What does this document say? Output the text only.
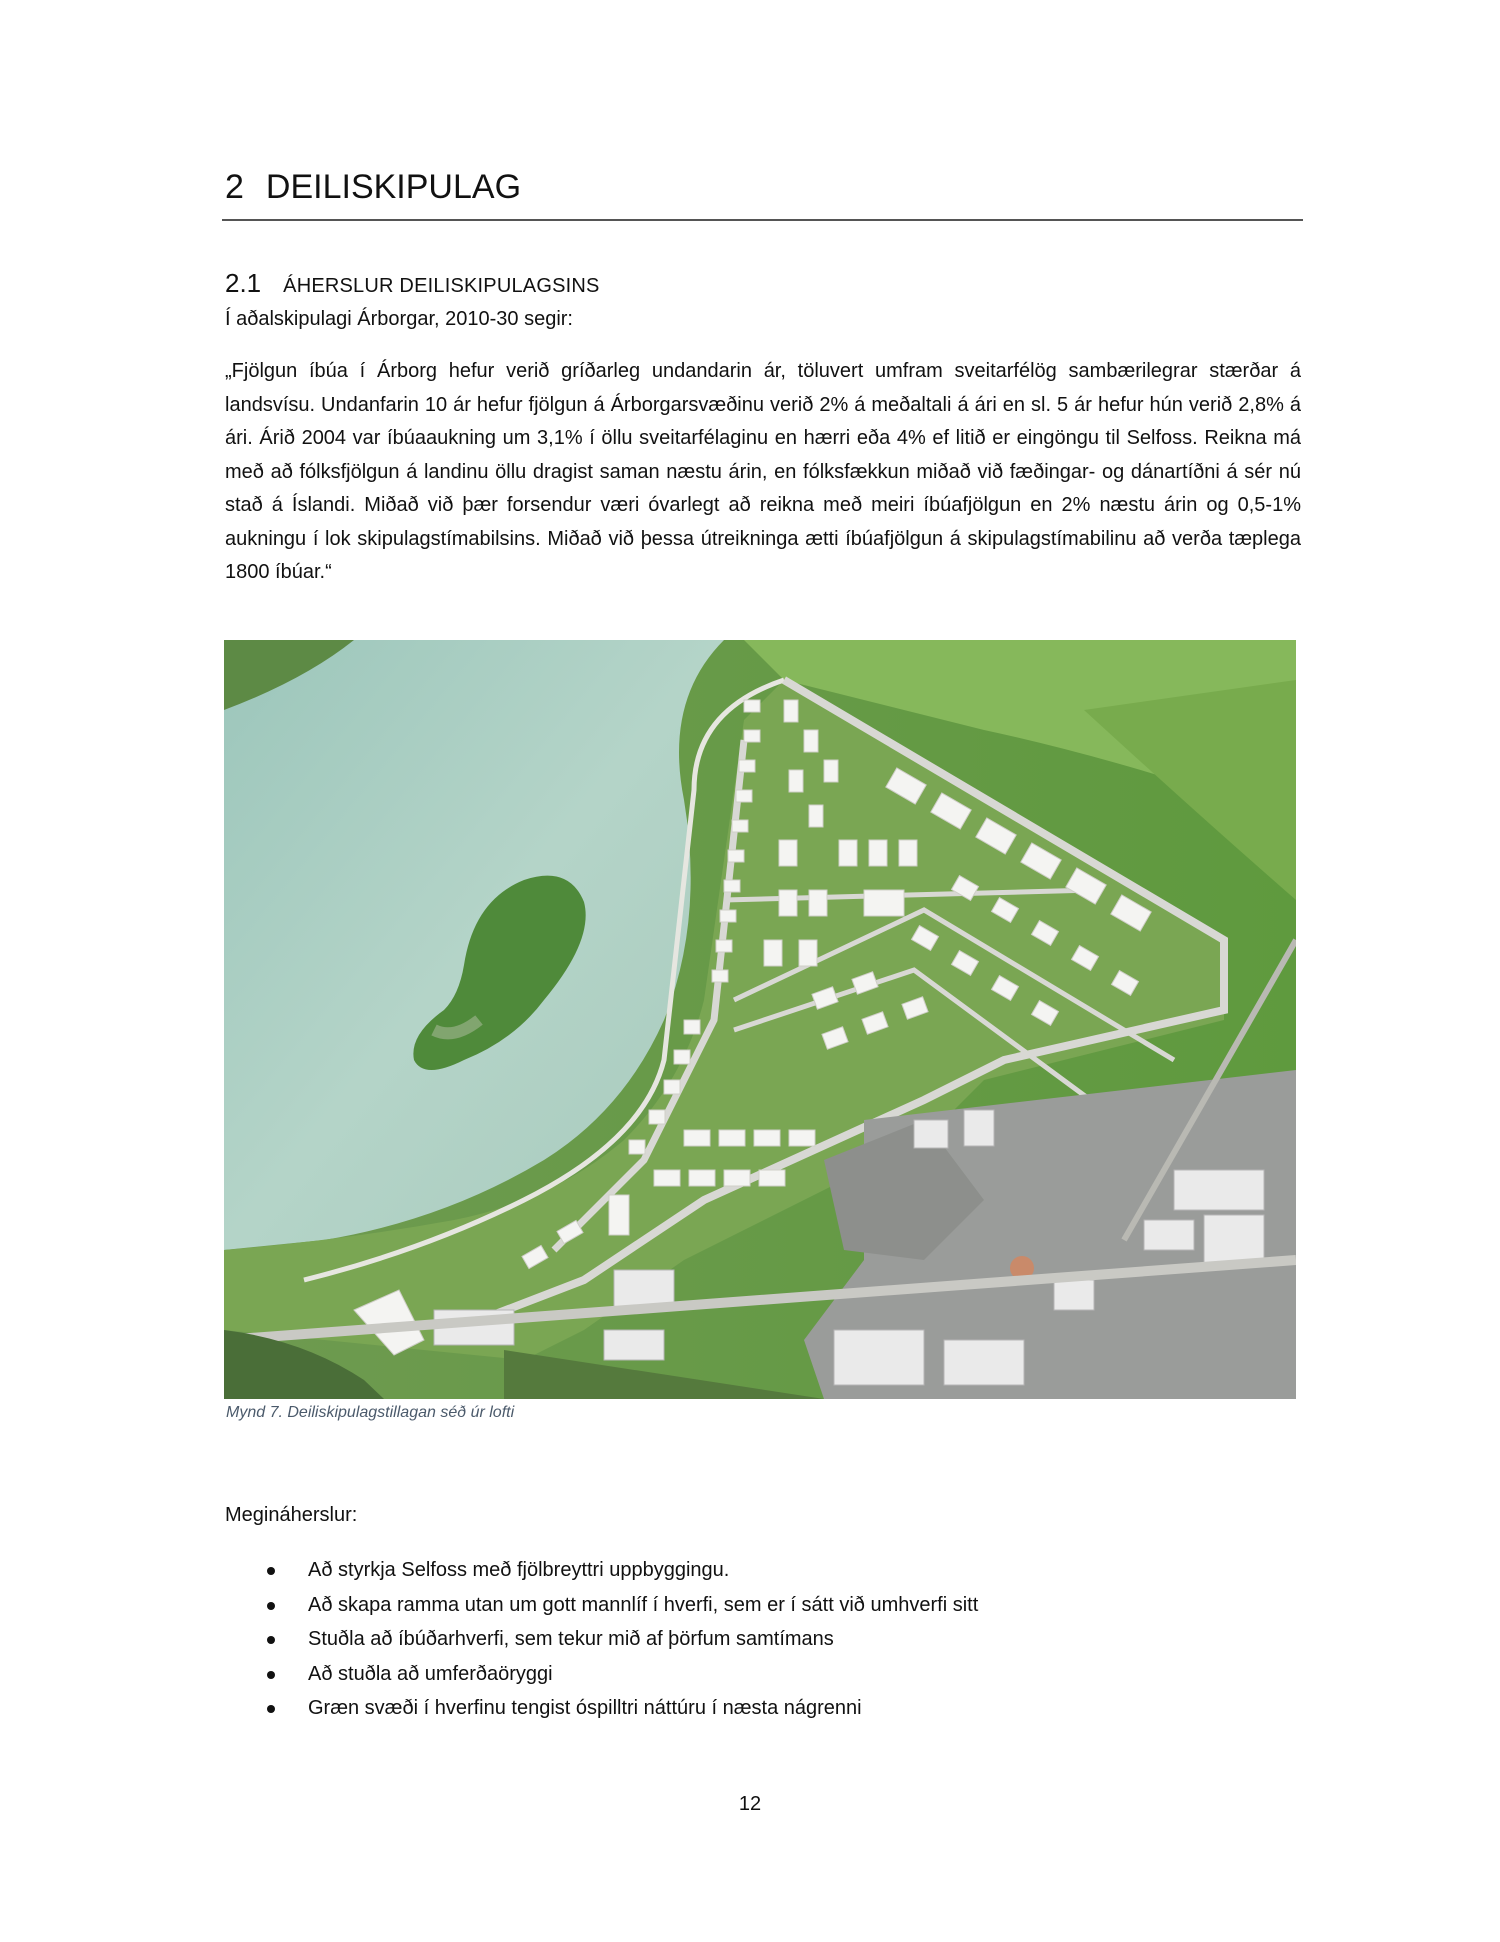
2 DEILISKIPULAG
2.1 ÁHERSLUR DEILISKIPULAGSINS
Í aðalskipulagi Árborgar, 2010-30 segir:
„Fjölgun íbúa í Árborg hefur verið gríðarleg undandarin ár, töluvert umfram sveitarfélög sambærilegrar stærðar á landsvísu. Undanfarin 10 ár hefur fjölgun á Árborgarsvæðinu verið 2% á meðaltali á ári en sl. 5 ár hefur hún verið 2,8% á ári. Árið 2004 var íbúaaukning um 3,1% í öllu sveitarfélaginu en hærri eða 4% ef litið er eingöngu til Selfoss. Reikna má með að fólksfjölgun á landinu öllu dragist saman næstu árin, en fólksfækkun miðað við fæðingar- og dánartíðni á sér nú stað á Íslandi. Miðað við þær forsendur væri óvarlegt að reikna með meiri íbúafjölgun en 2% næstu árin og 0,5-1% aukningu í lok skipulagstímabilsins. Miðað við þessa útreikninga ætti íbúafjölgun á skipulagstímabilinu að verða tæplega 1800 íbúar.“
Mynd 7. Deiliskipulagstillagan séð úr lofti
Megináherslur:
Að styrkja Selfoss með fjölbreyttri uppbyggingu.
Að skapa ramma utan um gott mannlíf í hverfi, sem er í sátt við umhverfi sitt
Stuðla að íbúðarhverfi, sem tekur mið af þörfum samtímans
Að stuðla að umferðaöryggi
Græn svæði í hverfinu tengist óspilltri náttúru í næsta nágrenni
12
